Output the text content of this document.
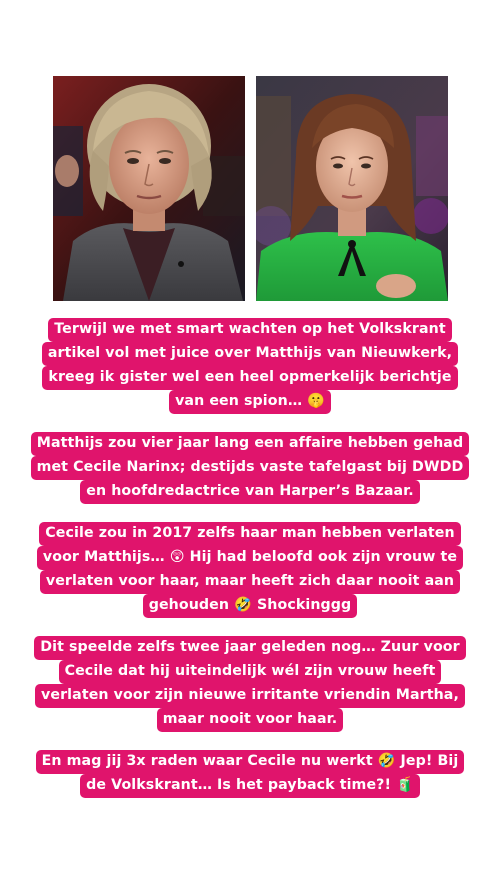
Terwijl we met smart wachten op het Volkskrant
artikel vol met juice over Matthijs van Nieuwkerk,
kreeg ik gister wel een heel opmerkelijk berichtje
van een spion… 🤫
Matthijs zou vier jaar lang een affaire hebben gehad
met Cecile Narinx; destijds vaste tafelgast bij DWDD
en hoofdredactrice van Harper’s Bazaar.
Cecile zou in 2017 zelfs haar man hebben verlaten
voor Matthijs… 😲 Hij had beloofd ook zijn vrouw te
verlaten voor haar, maar heeft zich daar nooit aan
gehouden 🤣 Shockinggg
Dit speelde zelfs twee jaar geleden nog… Zuur voor
Cecile dat hij uiteindelijk wél zijn vrouw heeft
verlaten voor zijn nieuwe irritante vriendin Martha,
maar nooit voor haar.
En mag jij 3x raden waar Cecile nu werkt 🤣 Jep! Bij
de Volkskrant… Is het payback time?! 🧃
